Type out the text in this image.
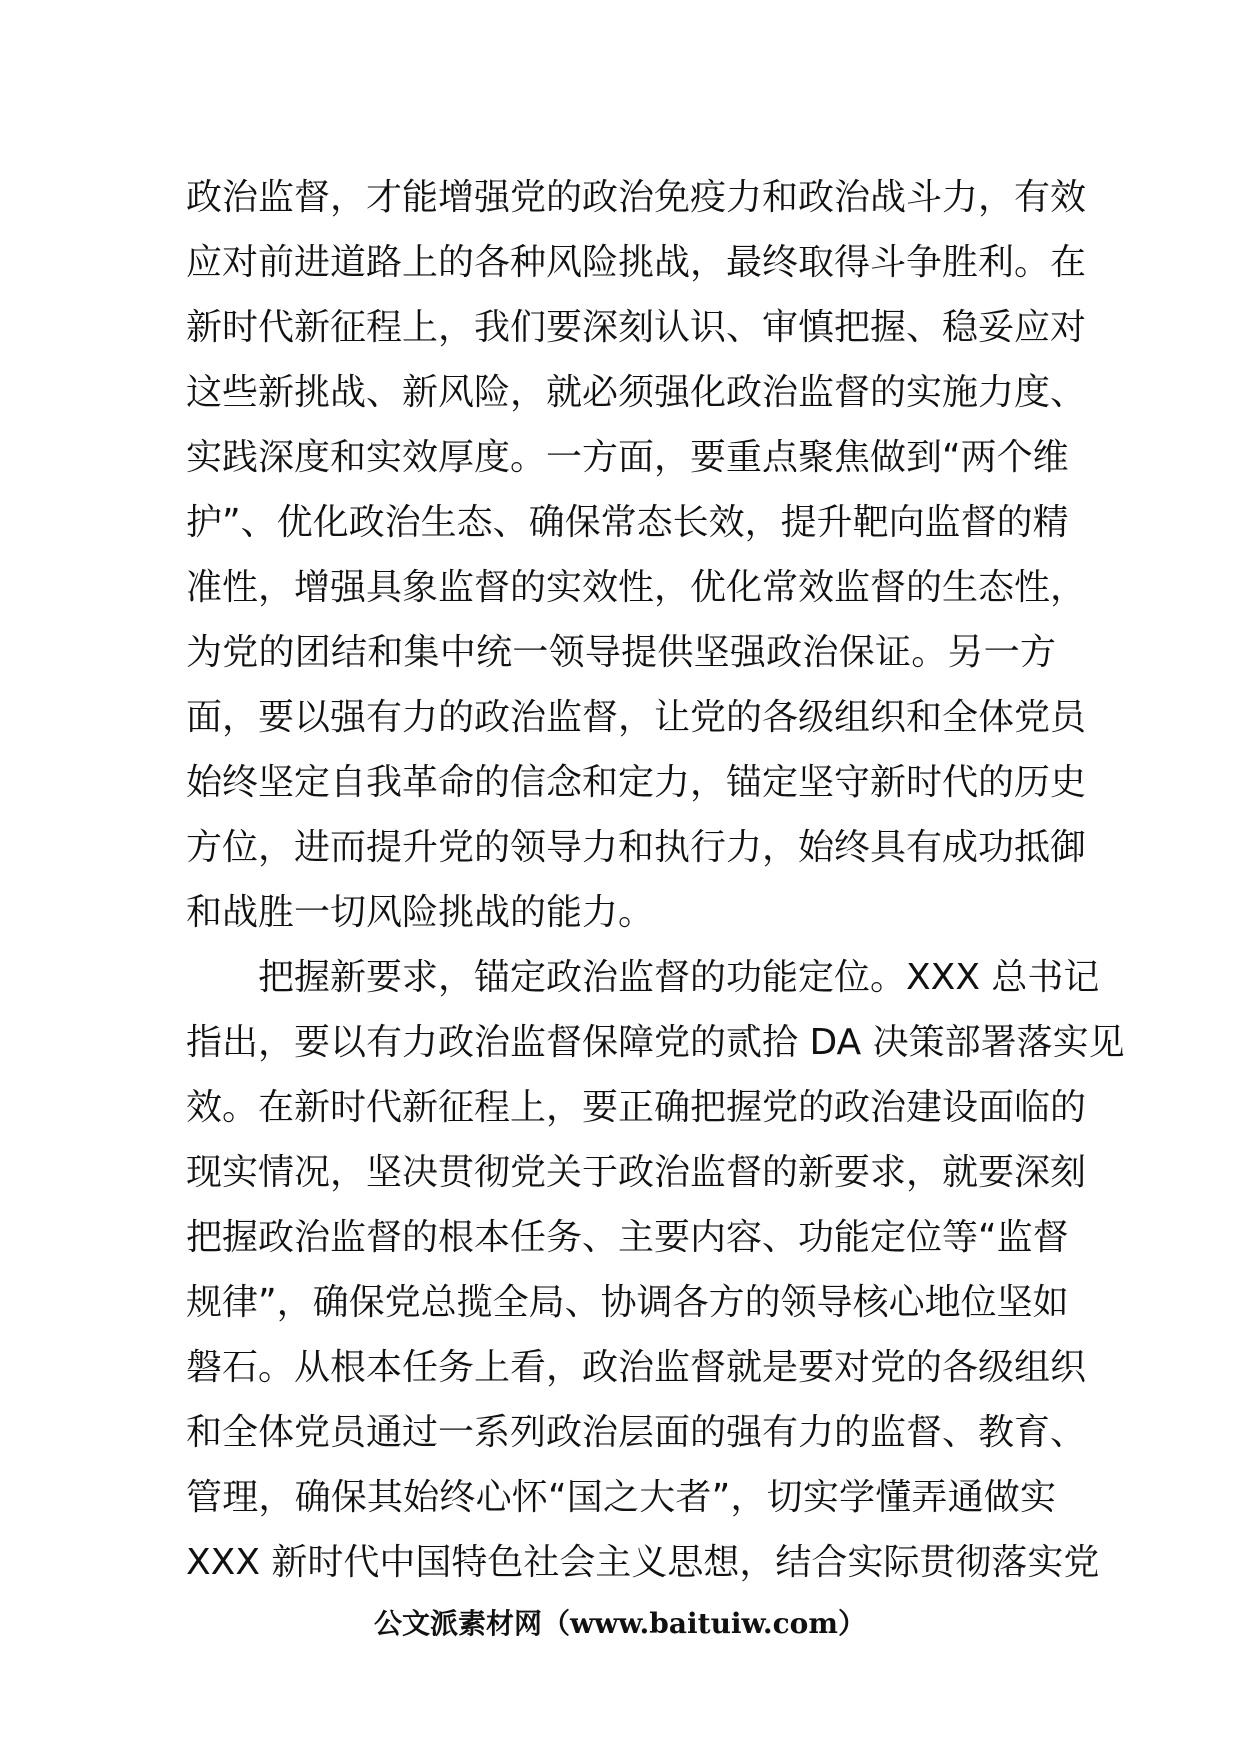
政治监督，才能增强党的政治免疫力和政治战斗力，有效
应对前进道路上的各种风险挑战，最终取得斗争胜利。在
新时代新征程上，我们要深刻认识、审慎把握、稳妥应对
这些新挑战、新风险，就必须强化政治监督的实施力度、
实践深度和实效厚度。一方面，要重点聚焦做到“两个维
护”、优化政治生态、确保常态长效，提升靶向监督的精
准性，增强具象监督的实效性，优化常效监督的生态性，
为党的团结和集中统一领导提供坚强政治保证。另一方
面，要以强有力的政治监督，让党的各级组织和全体党员
始终坚定自我革命的信念和定力，锚定坚守新时代的历史
方位，进而提升党的领导力和执行力，始终具有成功抵御
和战胜一切风险挑战的能力。
　　把握新要求，锚定政治监督的功能定位。XXX 总书记
指出，要以有力政治监督保障党的贰拾 DA 决策部署落实见
效。在新时代新征程上，要正确把握党的政治建设面临的
现实情况，坚决贯彻党关于政治监督的新要求，就要深刻
把握政治监督的根本任务、主要内容、功能定位等“监督
规律”，确保党总揽全局、协调各方的领导核心地位坚如
磐石。从根本任务上看，政治监督就是要对党的各级组织
和全体党员通过一系列政治层面的强有力的监督、教育、
管理，确保其始终心怀“国之大者”，切实学懂弄通做实
XXX 新时代中国特色社会主义思想，结合实际贯彻落实党
公文派素材网（www.baituiw.com）
